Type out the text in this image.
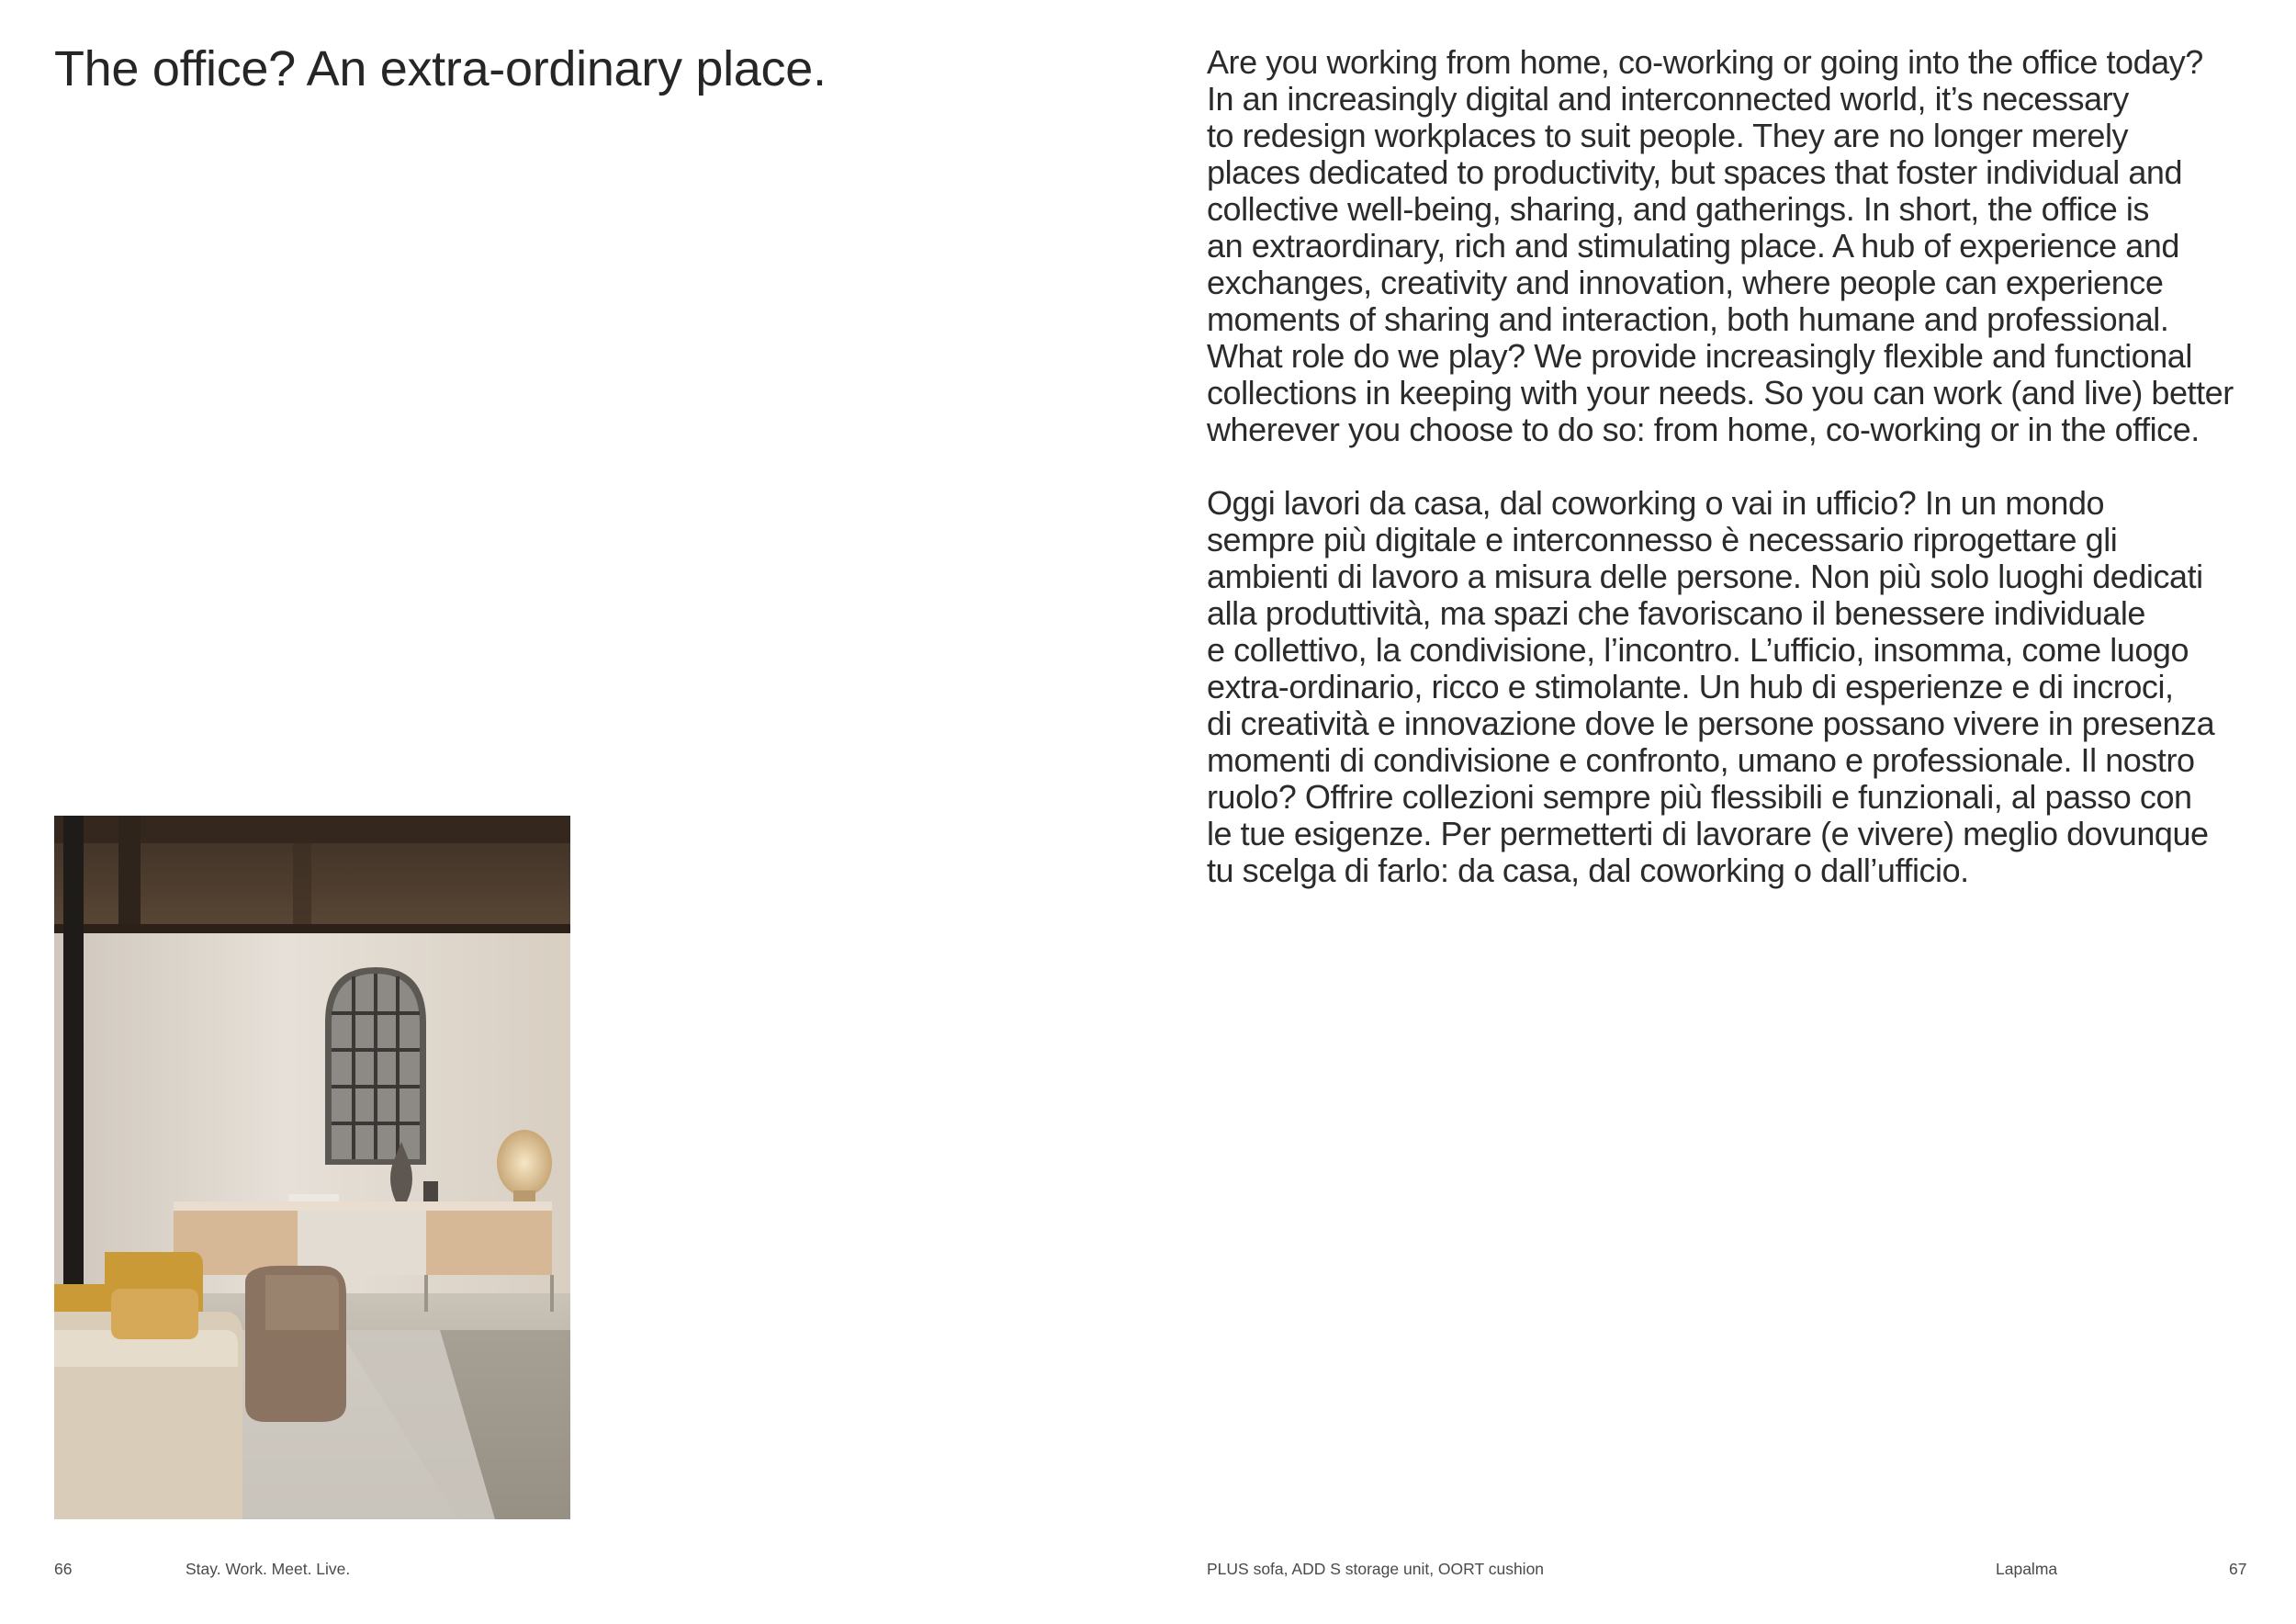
The office? An extra-ordinary place.	Are you working from home, co-working or going into the office today?
In an increasingly digital and interconnected world, it’s necessary
to redesign workplaces to suit people. They are no longer merely
places dedicated to productivity, but spaces that foster individual and
collective well-being, sharing, and gatherings. In short, the office is
an extraordinary, rich and stimulating place. A hub of experience and
exchanges, creativity and innovation, where people can experience
moments of sharing and interaction, both humane and professional.
What role do we play? We provide increasingly flexible and functional
collections in keeping with your needs. So you can work (and live) better
wherever you choose to do so: from home, co-working or in the office.

Oggi lavori da casa, dal coworking o vai in ufficio? In un mondo
sempre più digitale e interconnesso è necessario riprogettare gli
ambienti di lavoro a misura delle persone. Non più solo luoghi dedicati
alla produttività, ma spazi che favoriscano il benessere individuale
e collettivo, la condivisione, l’incontro. L’ufficio, insomma, come luogo
extra-ordinario, ricco e stimolante. Un hub di esperienze e di incroci,
di creatività e innovazione dove le persone possano vivere in presenza
momenti di condivisione e confronto, umano e professionale. Il nostro
ruolo? Offrire collezioni sempre più flessibili e funzionali, al passo con
le tue esigenze. Per permetterti di lavorare (e vivere) meglio dovunque
tu scelga di farlo: da casa, dal coworking o dall’ufficio.

66	Stay. Work. Meet. Live.	PLUS sofa, ADD S storage unit, OORT cushion	Lapalma	67
